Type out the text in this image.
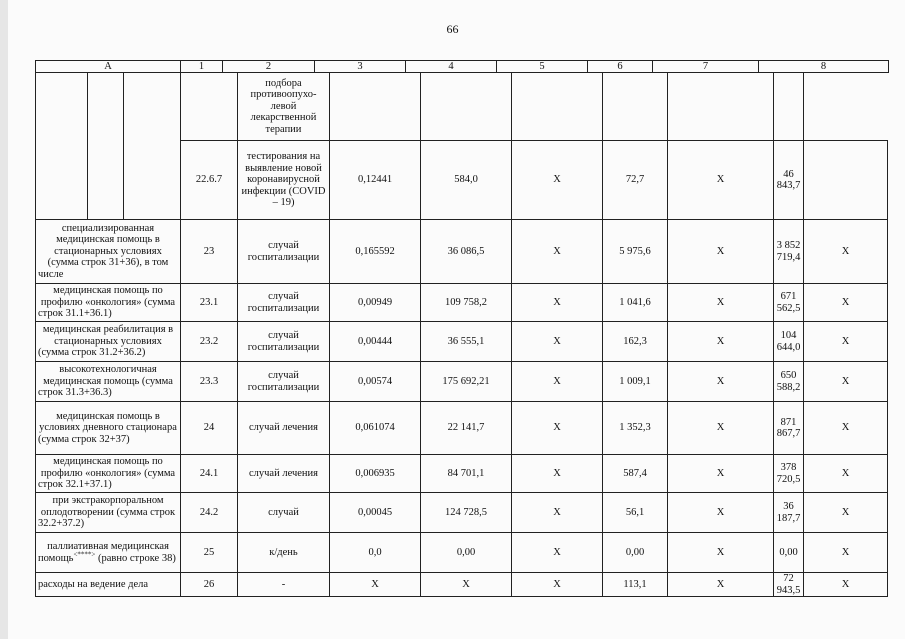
66
А	1	2	3	4	5	6	7	8
				подбора противоопухо-левой лекарственной терапии							
			22.6.7	тестирования на выявление новой коронавирусной инфекции (COVID – 19)	0,12441	584,0	Х	72,7	Х	46 843,7	
специализированная медицинская помощь в стационарных условиях (сумма строк 31+36), в том числе			23	случай госпитализации	0,165592	36 086,5	Х	5 975,6	Х	3 852 719,4	Х
медицинская помощь по профилю «онкология» (сумма строк 31.1+36.1)			23.1	случай госпитализации	0,00949	109 758,2	Х	1 041,6	Х	671 562,5	Х
медицинская реабилитация в стационарных условиях (сумма строк 31.2+36.2)			23.2	случай госпитализации	0,00444	36 555,1	Х	162,3	Х	104 644,0	Х
высокотехнологичная медицинская помощь (сумма строк 31.3+36.3)			23.3	случай госпитализации	0,00574	175 692,21	Х	1 009,1	Х	650 588,2	Х
медицинская помощь в условиях дневного стационара (сумма строк 32+37)			24	случай лечения	0,061074	22 141,7	Х	1 352,3	Х	871 867,7	Х
медицинская помощь по профилю «онкология» (сумма строк 32.1+37.1)			24.1	случай лечения	0,006935	84 701,1	Х	587,4	Х	378 720,5	Х
при экстракорпоральном оплодотворении (сумма строк 32.2+37.2)			24.2	случай	0,00045	124 728,5	Х	56,1	Х	36 187,7	Х
паллиативная медицинская помощь<****> (равно строке 38)			25	к/день	0,0	0,00	Х	0,00	Х	0,00	Х
расходы на ведение дела			26	-	Х	Х	Х	113,1	Х	72 943,5	Х
